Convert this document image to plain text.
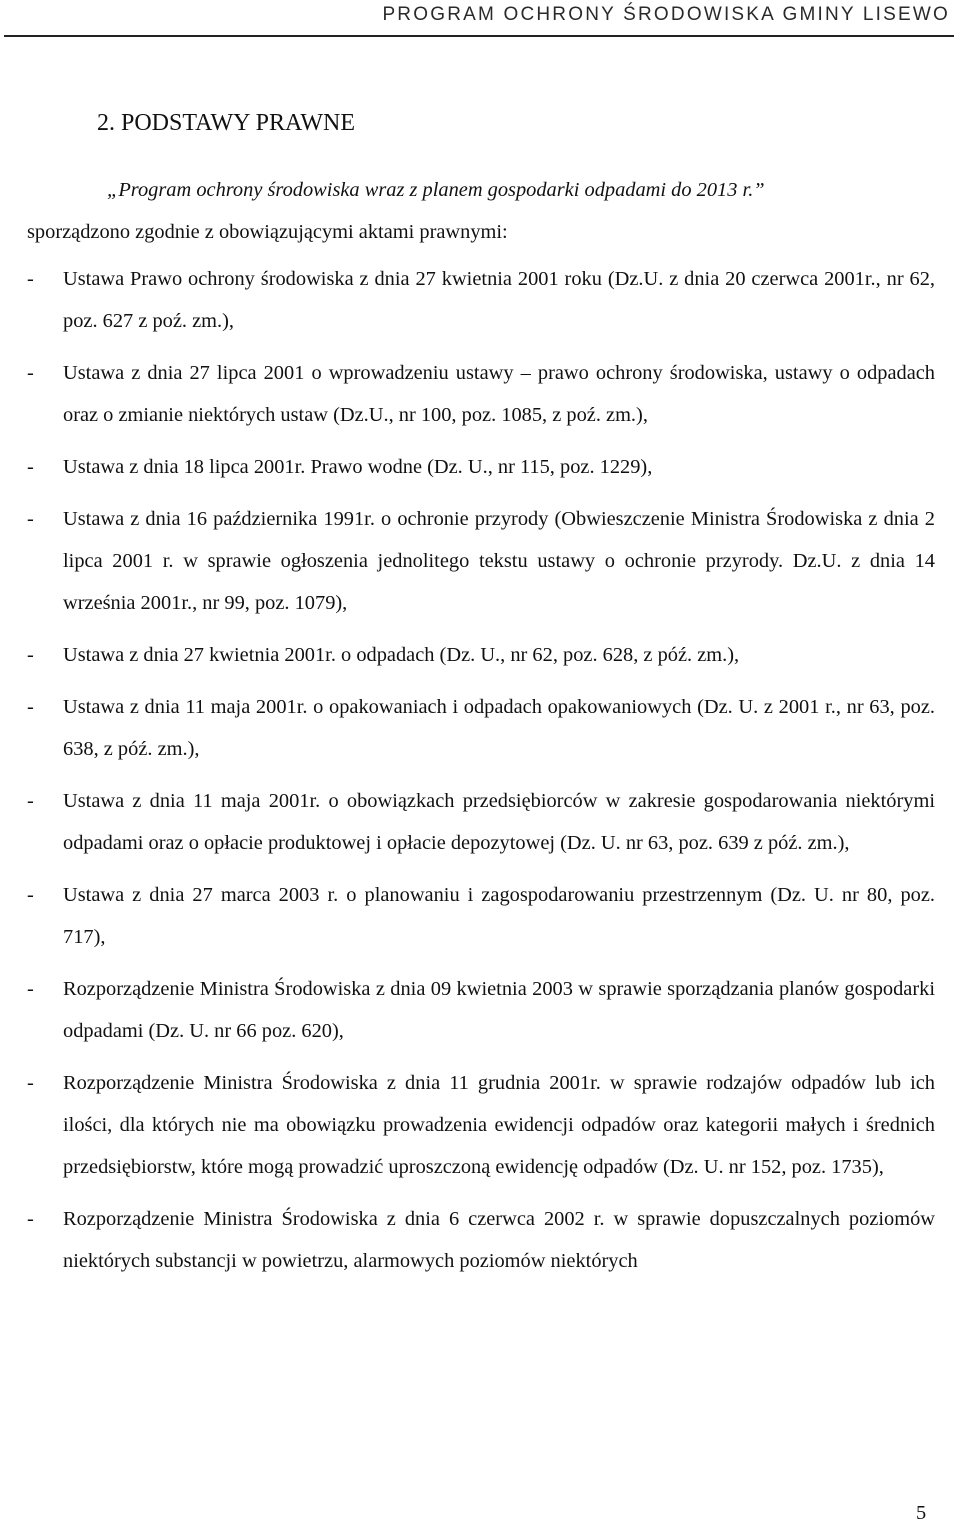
PROGRAM OCHRONY ŚRODOWISKA GMINY LISEWO
2. PODSTAWY PRAWNE

„Program ochrony środowiska wraz z planem gospodarki odpadami do 2013 r.”
sporządzono zgodnie z obowiązującymi aktami prawnymi:

- Ustawa Prawo ochrony środowiska z dnia 27 kwietnia 2001 roku (Dz.U. z dnia 20 czerwca 2001r., nr 62, poz. 627 z poź. zm.),
- Ustawa z dnia 27 lipca 2001 o wprowadzeniu ustawy – prawo ochrony środowiska, ustawy o odpadach oraz o zmianie niektórych ustaw (Dz.U., nr 100, poz. 1085, z poź. zm.),
- Ustawa z dnia 18 lipca 2001r. Prawo wodne (Dz. U., nr 115, poz. 1229),
- Ustawa z dnia 16 października 1991r. o ochronie przyrody (Obwieszczenie Ministra Środowiska z dnia 2 lipca 2001 r. w sprawie ogłoszenia jednolitego tekstu ustawy o ochronie przyrody. Dz.U. z dnia 14 września 2001r., nr 99, poz. 1079),
- Ustawa z dnia 27 kwietnia 2001r. o odpadach (Dz. U., nr 62, poz. 628, z póź. zm.),
- Ustawa z dnia 11 maja 2001r. o opakowaniach i odpadach opakowaniowych (Dz. U. z 2001 r., nr 63, poz. 638, z póź. zm.),
- Ustawa z dnia 11 maja 2001r. o obowiązkach przedsiębiorców w zakresie gospodarowania niektórymi odpadami oraz o opłacie produktowej i opłacie depozytowej (Dz. U. nr 63, poz. 639 z póź. zm.),
- Ustawa z dnia 27 marca 2003 r. o planowaniu i zagospodarowaniu przestrzennym (Dz. U. nr 80, poz. 717),
- Rozporządzenie Ministra Środowiska z dnia 09 kwietnia 2003 w sprawie sporządzania planów gospodarki odpadami (Dz. U. nr 66 poz. 620),
- Rozporządzenie Ministra Środowiska z dnia 11 grudnia 2001r. w sprawie rodzajów odpadów lub ich ilości, dla których nie ma obowiązku prowadzenia ewidencji odpadów oraz kategorii małych i średnich przedsiębiorstw, które mogą prowadzić uproszczoną ewidencję odpadów (Dz. U. nr 152, poz. 1735),
- Rozporządzenie Ministra Środowiska z dnia 6 czerwca 2002 r. w sprawie dopuszczalnych poziomów niektórych substancji w powietrzu, alarmowych poziomów niektórych
5
